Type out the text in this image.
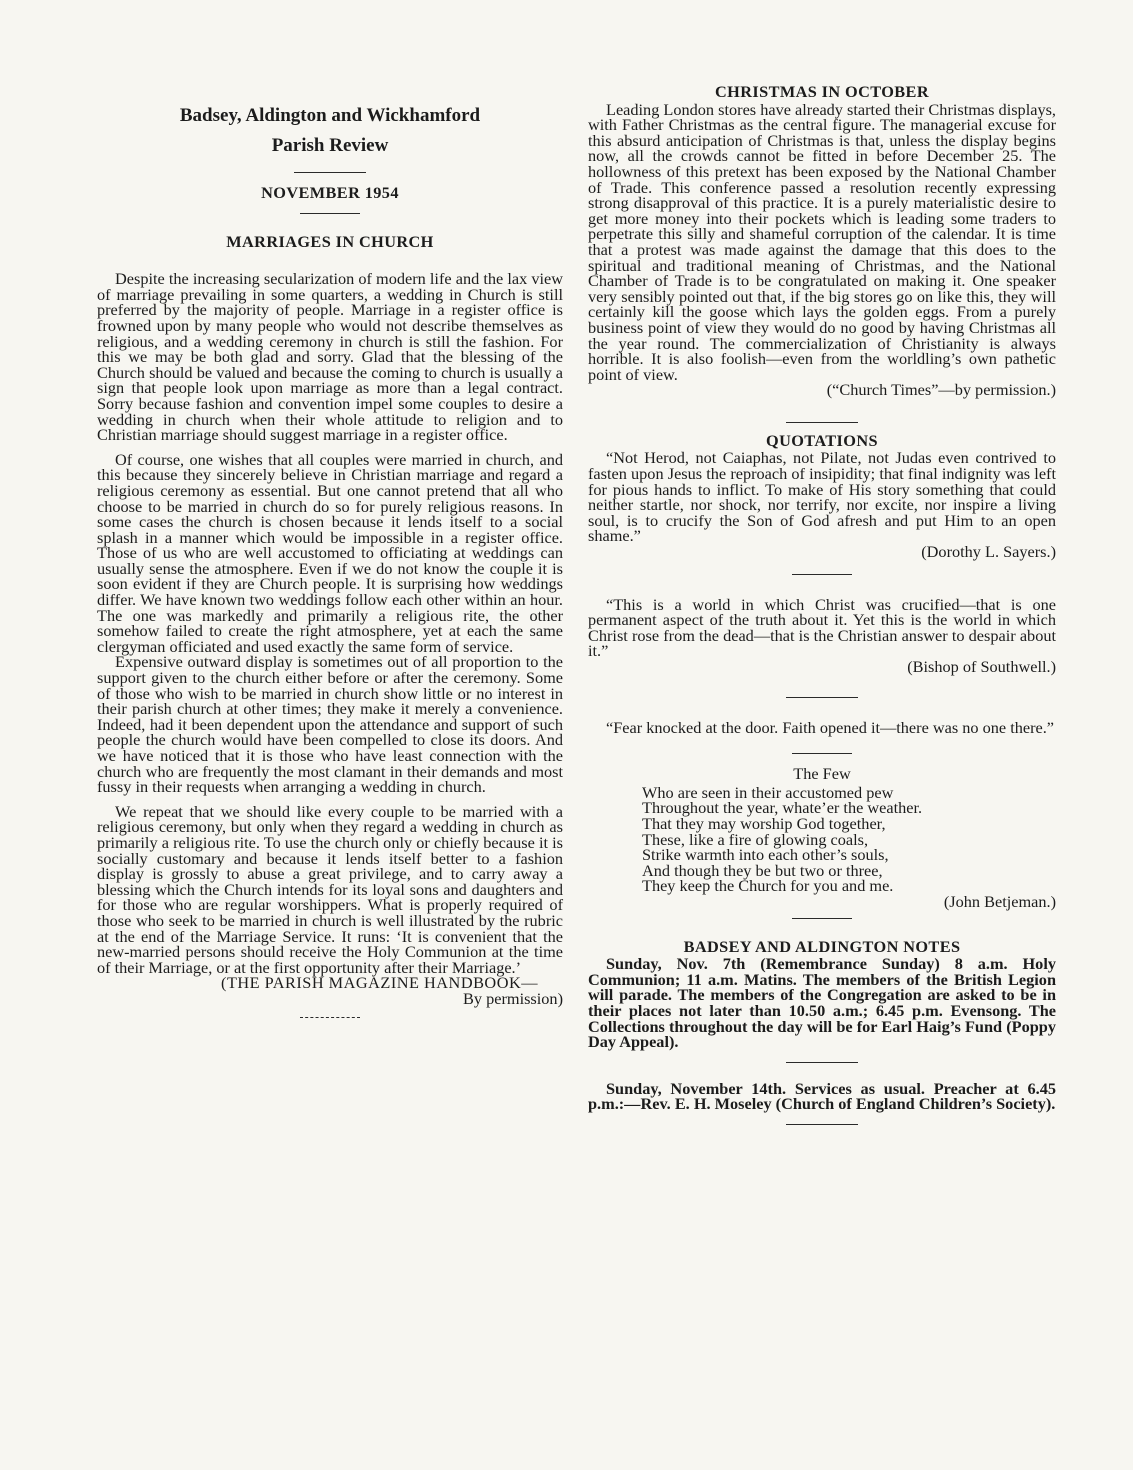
Badsey, Aldington and Wickhamford
Parish Review
NOVEMBER 1954
MARRIAGES IN CHURCH

Despite the increasing secularization of modern life and the lax view of marriage prevailing in some quarters, a wedding in Church is still preferred by the majority of people. Marriage in a register office is frowned upon by many people who would not describe themselves as religious, and a wedding ceremony in church is still the fashion. For this we may be both glad and sorry. Glad that the blessing of the Church should be valued and because the coming to church is usually a sign that people look upon marriage as more than a legal contract. Sorry because fashion and convention impel some couples to desire a wedding in church when their whole attitude to religion and to Christian marriage should suggest marriage in a register office.

Of course, one wishes that all couples were married in church, and this because they sincerely believe in Christian marriage and regard a religious ceremony as essential. But one cannot pretend that all who choose to be married in church do so for purely religious reasons. In some cases the church is chosen because it lends itself to a social splash in a manner which would be impossible in a register office. Those of us who are well accustomed to officiating at weddings can usually sense the atmosphere. Even if we do not know the couple it is soon evident if they are Church people. It is surprising how weddings differ. We have known two weddings follow each other within an hour. The one was markedly and primarily a religious rite, the other somehow failed to create the right atmosphere, yet at each the same clergyman officiated and used exactly the same form of service.

Expensive outward display is sometimes out of all proportion to the support given to the church either before or after the ceremony. Some of those who wish to be married in church show little or no interest in their parish church at other times; they make it merely a convenience. Indeed, had it been dependent upon the attendance and support of such people the church would have been compelled to close its doors. And we have noticed that it is those who have least connection with the church who are frequently the most clamant in their demands and most fussy in their requests when arranging a wedding in church.

We repeat that we should like every couple to be married with a religious ceremony, but only when they regard a wedding in church as primarily a religious rite. To use the church only or chiefly because it is socially customary and because it lends itself better to a fashion display is grossly to abuse a great privilege, and to carry away a blessing which the Church intends for its loyal sons and daughters and for those who are regular worshippers. What is properly required of those who seek to be married in church is well illustrated by the rubric at the end of the Marriage Service. It runs: ‘It is convenient that the new-married persons should receive the Holy Communion at the time of their Marriage, or at the first opportunity after their Marriage.’

(THE PARISH MAGAZINE HANDBOOK—

By permission)

CHRISTMAS IN OCTOBER

Leading London stores have already started their Christmas displays, with Father Christmas as the central figure. The managerial excuse for this absurd anticipation of Christmas is that, unless the display begins now, all the crowds cannot be fitted in before December 25. The hollowness of this pretext has been exposed by the National Chamber of Trade. This conference passed a resolution recently expressing strong disapproval of this practice. It is a purely materialistic desire to get more money into their pockets which is leading some traders to perpetrate this silly and shameful corruption of the calendar. It is time that a protest was made against the damage that this does to the spiritual and traditional meaning of Christmas, and the National Chamber of Trade is to be congratulated on making it. One speaker very sensibly pointed out that, if the big stores go on like this, they will certainly kill the goose which lays the golden eggs. From a purely business point of view they would do no good by having Christmas all the year round. The commercialization of Christianity is always horrible. It is also foolish—even from the worldling’s own pathetic point of view.

(“Church Times”—by permission.)

QUOTATIONS

“Not Herod, not Caiaphas, not Pilate, not Judas even contrived to fasten upon Jesus the reproach of insipidity; that final indignity was left for pious hands to inflict. To make of His story something that could neither startle, nor shock, nor terrify, nor excite, nor inspire a living soul, is to crucify the Son of God afresh and put Him to an open shame.”

(Dorothy L. Sayers.)

“This is a world in which Christ was crucified—that is one permanent aspect of the truth about it. Yet this is the world in which Christ rose from the dead—that is the Christian answer to despair about it.”

(Bishop of Southwell.)

“Fear knocked at the door. Faith opened it—there was no one there.”

The Few

Who are seen in their accustomed pew

Throughout the year, whate’er the weather.

That they may worship God together,

These, like a fire of glowing coals,

Strike warmth into each other’s souls,

And though they be but two or three,

They keep the Church for you and me.

(John Betjeman.)

BADSEY AND ALDINGTON NOTES

Sunday, Nov. 7th (Remembrance Sunday) 8 a.m. Holy Communion; 11 a.m. Matins. The members of the British Legion will parade. The members of the Congregation are asked to be in their places not later than 10.50 a.m.; 6.45 p.m. Evensong. The Collections throughout the day will be for Earl Haig’s Fund (Poppy Day Appeal).

Sunday, November 14th. Services as usual. Preacher at 6.45 p.m.:—Rev. E. H. Moseley (Church of England Children’s Society).
